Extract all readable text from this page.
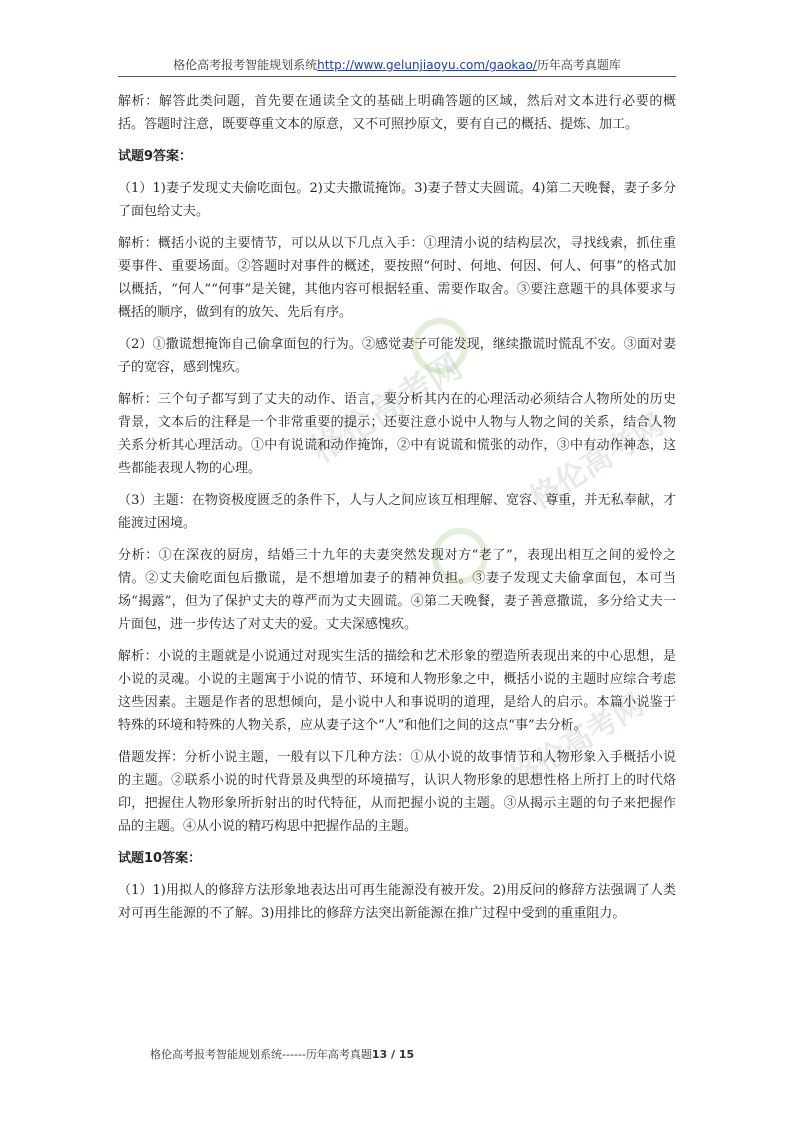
格伦高考报考智能规划系统http://www.gelunjiaoyu.com/gaokao/历年高考真题库
格伦高考网 格伦高考网
格伦高考网

解析：解答此类问题，首先要在通读全文的基础上明确答题的区域，然后对文本进行必要的概括。答题时注意，既要尊重文本的原意，又不可照抄原文，要有自己的概括、提炼、加工。

试题9答案：

（1）1)妻子发现丈夫偷吃面包。2)丈夫撒谎掩饰。3)妻子替丈夫圆谎。4)第二天晚餐，妻子多分了面包给丈夫。

解析：概括小说的主要情节，可以从以下几点入手：①理清小说的结构层次，寻找线索，抓住重要事件、重要场面。②答题时对事件的概述，要按照“何时、何地、何因、何人、何事”的格式加以概括，“何人”“何事”是关键，其他内容可根据轻重、需要作取舍。③要注意题干的具体要求与概括的顺序，做到有的放矢、先后有序。

（2）①撒谎想掩饰自己偷拿面包的行为。②感觉妻子可能发现，继续撒谎时慌乱不安。③面对妻子的宽容，感到愧疚。

解析：三个句子都写到了丈夫的动作、语言，要分析其内在的心理活动必须结合人物所处的历史背景，文本后的注释是一个非常重要的提示；还要注意小说中人物与人物之间的关系，结合人物关系分析其心理活动。①中有说谎和动作掩饰，②中有说谎和慌张的动作，③中有动作神态，这些都能表现人物的心理。

（3）主题：在物资极度匮乏的条件下，人与人之间应该互相理解、宽容、尊重，并无私奉献，才能渡过困境。

分析：①在深夜的厨房，结婚三十九年的夫妻突然发现对方“老了”，表现出相互之间的爱怜之情。②丈夫偷吃面包后撒谎，是不想增加妻子的精神负担。③妻子发现丈夫偷拿面包，本可当场“揭露”，但为了保护丈夫的尊严而为丈夫圆谎。④第二天晚餐，妻子善意撒谎，多分给丈夫一片面包，进一步传达了对丈夫的爱。丈夫深感愧疚。

解析：小说的主题就是小说通过对现实生活的描绘和艺术形象的塑造所表现出来的中心思想，是小说的灵魂。小说的主题寓于小说的情节、环境和人物形象之中，概括小说的主题时应综合考虑这些因素。主题是作者的思想倾向，是小说中人和事说明的道理，是给人的启示。本篇小说鉴于特殊的环境和特殊的人物关系，应从妻子这个“人”和他们之间的这点“事”去分析。

借题发挥：分析小说主题，一般有以下几种方法：①从小说的故事情节和人物形象入手概括小说的主题。②联系小说的时代背景及典型的环境描写，认识人物形象的思想性格上所打上的时代烙印，把握住人物形象所折射出的时代特征，从而把握小说的主题。③从揭示主题的句子来把握作品的主题。④从小说的精巧构思中把握作品的主题。

试题10答案：

（1）1)用拟人的修辞方法形象地表达出可再生能源没有被开发。2)用反问的修辞方法强调了人类对可再生能源的不了解。3)用排比的修辞方法突出新能源在推广过程中受到的重重阻力。

格伦高考报考智能规划系统------历年高考真题13 / 15
